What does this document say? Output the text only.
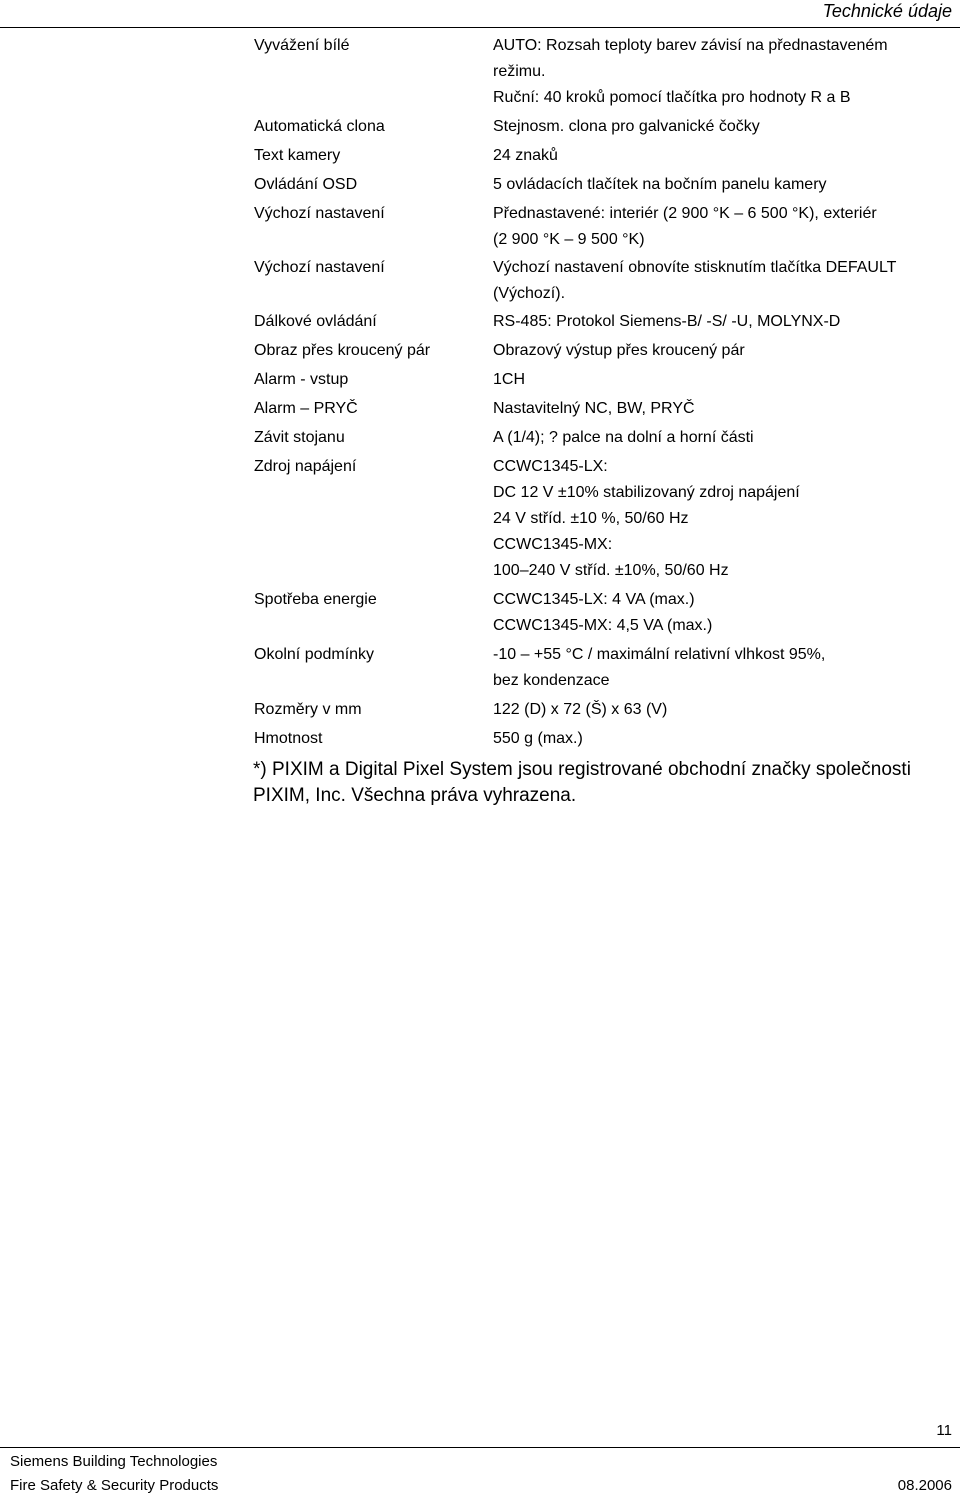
Technické údaje
Vyvážení bílé	AUTO: Rozsah teploty barev závisí na přednastaveném
režimu.
Ruční: 40 kroků pomocí tlačítka pro hodnoty R a B
Automatická clona	Stejnosm. clona pro galvanické čočky
Text kamery	24 znaků
Ovládání OSD	5 ovládacích tlačítek na bočním panelu kamery
Výchozí nastavení	Přednastavené: interiér (2 900 °K – 6 500 °K), exteriér
(2 900 °K – 9 500 °K)
Výchozí nastavení	Výchozí nastavení obnovíte stisknutím tlačítka DEFAULT
(Výchozí).
Dálkové ovládání	RS-485: Protokol Siemens-B/ -S/ -U, MOLYNX-D
Obraz přes kroucený pár	Obrazový výstup přes kroucený pár
Alarm - vstup	1CH
Alarm – PRYČ	Nastavitelný NC, BW, PRYČ
Závit stojanu	A (1/4); ? palce na dolní a horní části
Zdroj napájení	CCWC1345-LX:
DC 12 V ±10% stabilizovaný zdroj napájení
24 V stříd. ±10 %, 50/60 Hz
CCWC1345-MX:
100–240 V stříd. ±10%, 50/60 Hz
Spotřeba energie	CCWC1345-LX: 4 VA (max.)
CCWC1345-MX: 4,5 VA (max.)
Okolní podmínky	-10 – +55 °C / maximální relativní vlhkost 95%,
bez kondenzace
Rozměry v mm	122 (D) x 72 (Š) x 63 (V)
Hmotnost	550 g (max.)
*) PIXIM a Digital Pixel System jsou registrované obchodní značky společnosti PIXIM, Inc. Všechna práva vyhrazena.
11
Siemens Building Technologies
Fire Safety & Security Products	08.2006
